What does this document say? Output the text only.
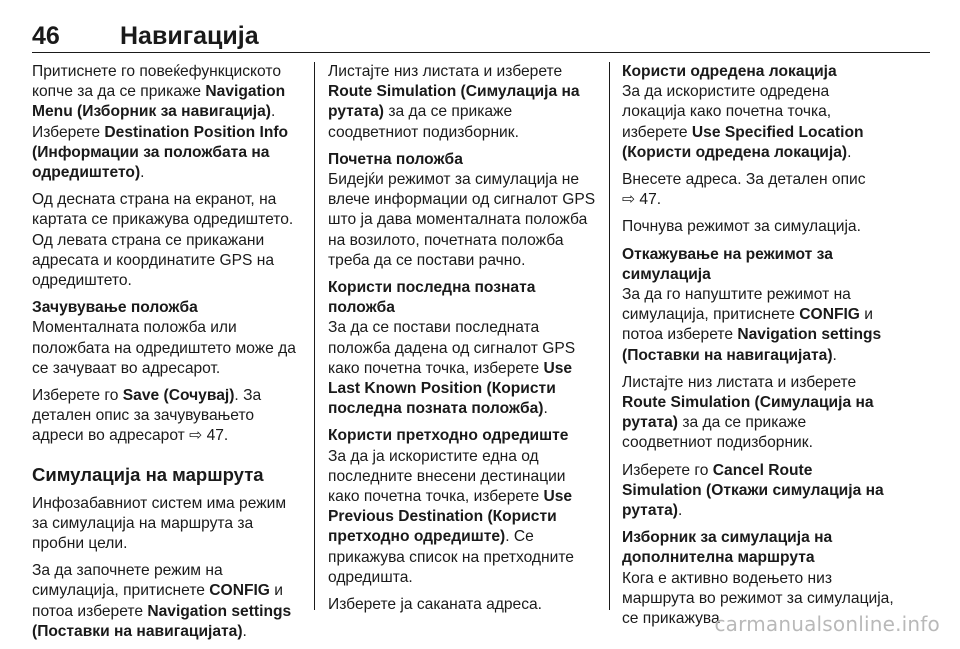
46 Навигација

Притиснете го повеќефункциското копче за да се прикаже Navigation Menu (Изборник за навигација). Изберете Destination Position Info (Информации за положбата на одредиштето).

Од десната страна на екранот, на картата се прикажува одредиштето. Од левата страна се прикажани адресата и координатите GPS на одредиштето.

Зачувување положба

Моменталната положба или положбата на одредиштето може да се зачуваат во адресарот.

Изберете го Save (Сочувај). За детален опис за зачувувањето адреси во адресарот ⇨ 47.

Симулација на маршрута

Инфозабавниот систем има режим за симулација на маршрута за пробни цели.

За да започнете режим на симулација, притиснете CONFIG и потоа изберете Navigation settings (Поставки на навигацијата).

Листајте низ листата и изберете Route Simulation (Симулација на рутата) за да се прикаже соодветниот подизборник.

Почетна положба

Бидејќи режимот за симулација не влече информации од сигналот GPS што ја дава моменталната положба на возилото, почетната положба треба да се постави рачно.

Користи последна позната положба

За да се постави последната положба дадена од сигналот GPS како почетна точка, изберете Use Last Known Position (Користи последна позната положба).

Користи претходно одредиште

За да ја искористите една од последните внесени дестинации како почетна точка, изберете Use Previous Destination (Користи претходно одредиште). Се прикажува список на претходните одредишта.

Изберете ја саканата адреса.

Користи одредена локација

За да искористите одредена локација како почетна точка, изберете Use Specified Location (Користи одредена локација).

Внесете адреса. За детален опис
⇨ 47.

Почнува режимот за симулација.

Откажување на режимот за симулација

За да го напуштите режимот на симулација, притиснете CONFIG и потоа изберете Navigation settings (Поставки на навигацијата).

Листајте низ листата и изберете Route Simulation (Симулација на рутата) за да се прикаже соодветниот подизборник.

Изберете го Cancel Route Simulation (Откажи симулација на рутата).

Изборник за симулација на дополнителна маршрута

Кога е активно водењето низ маршрута во режимот за симулација, се прикажува

carmanualsonline.info
